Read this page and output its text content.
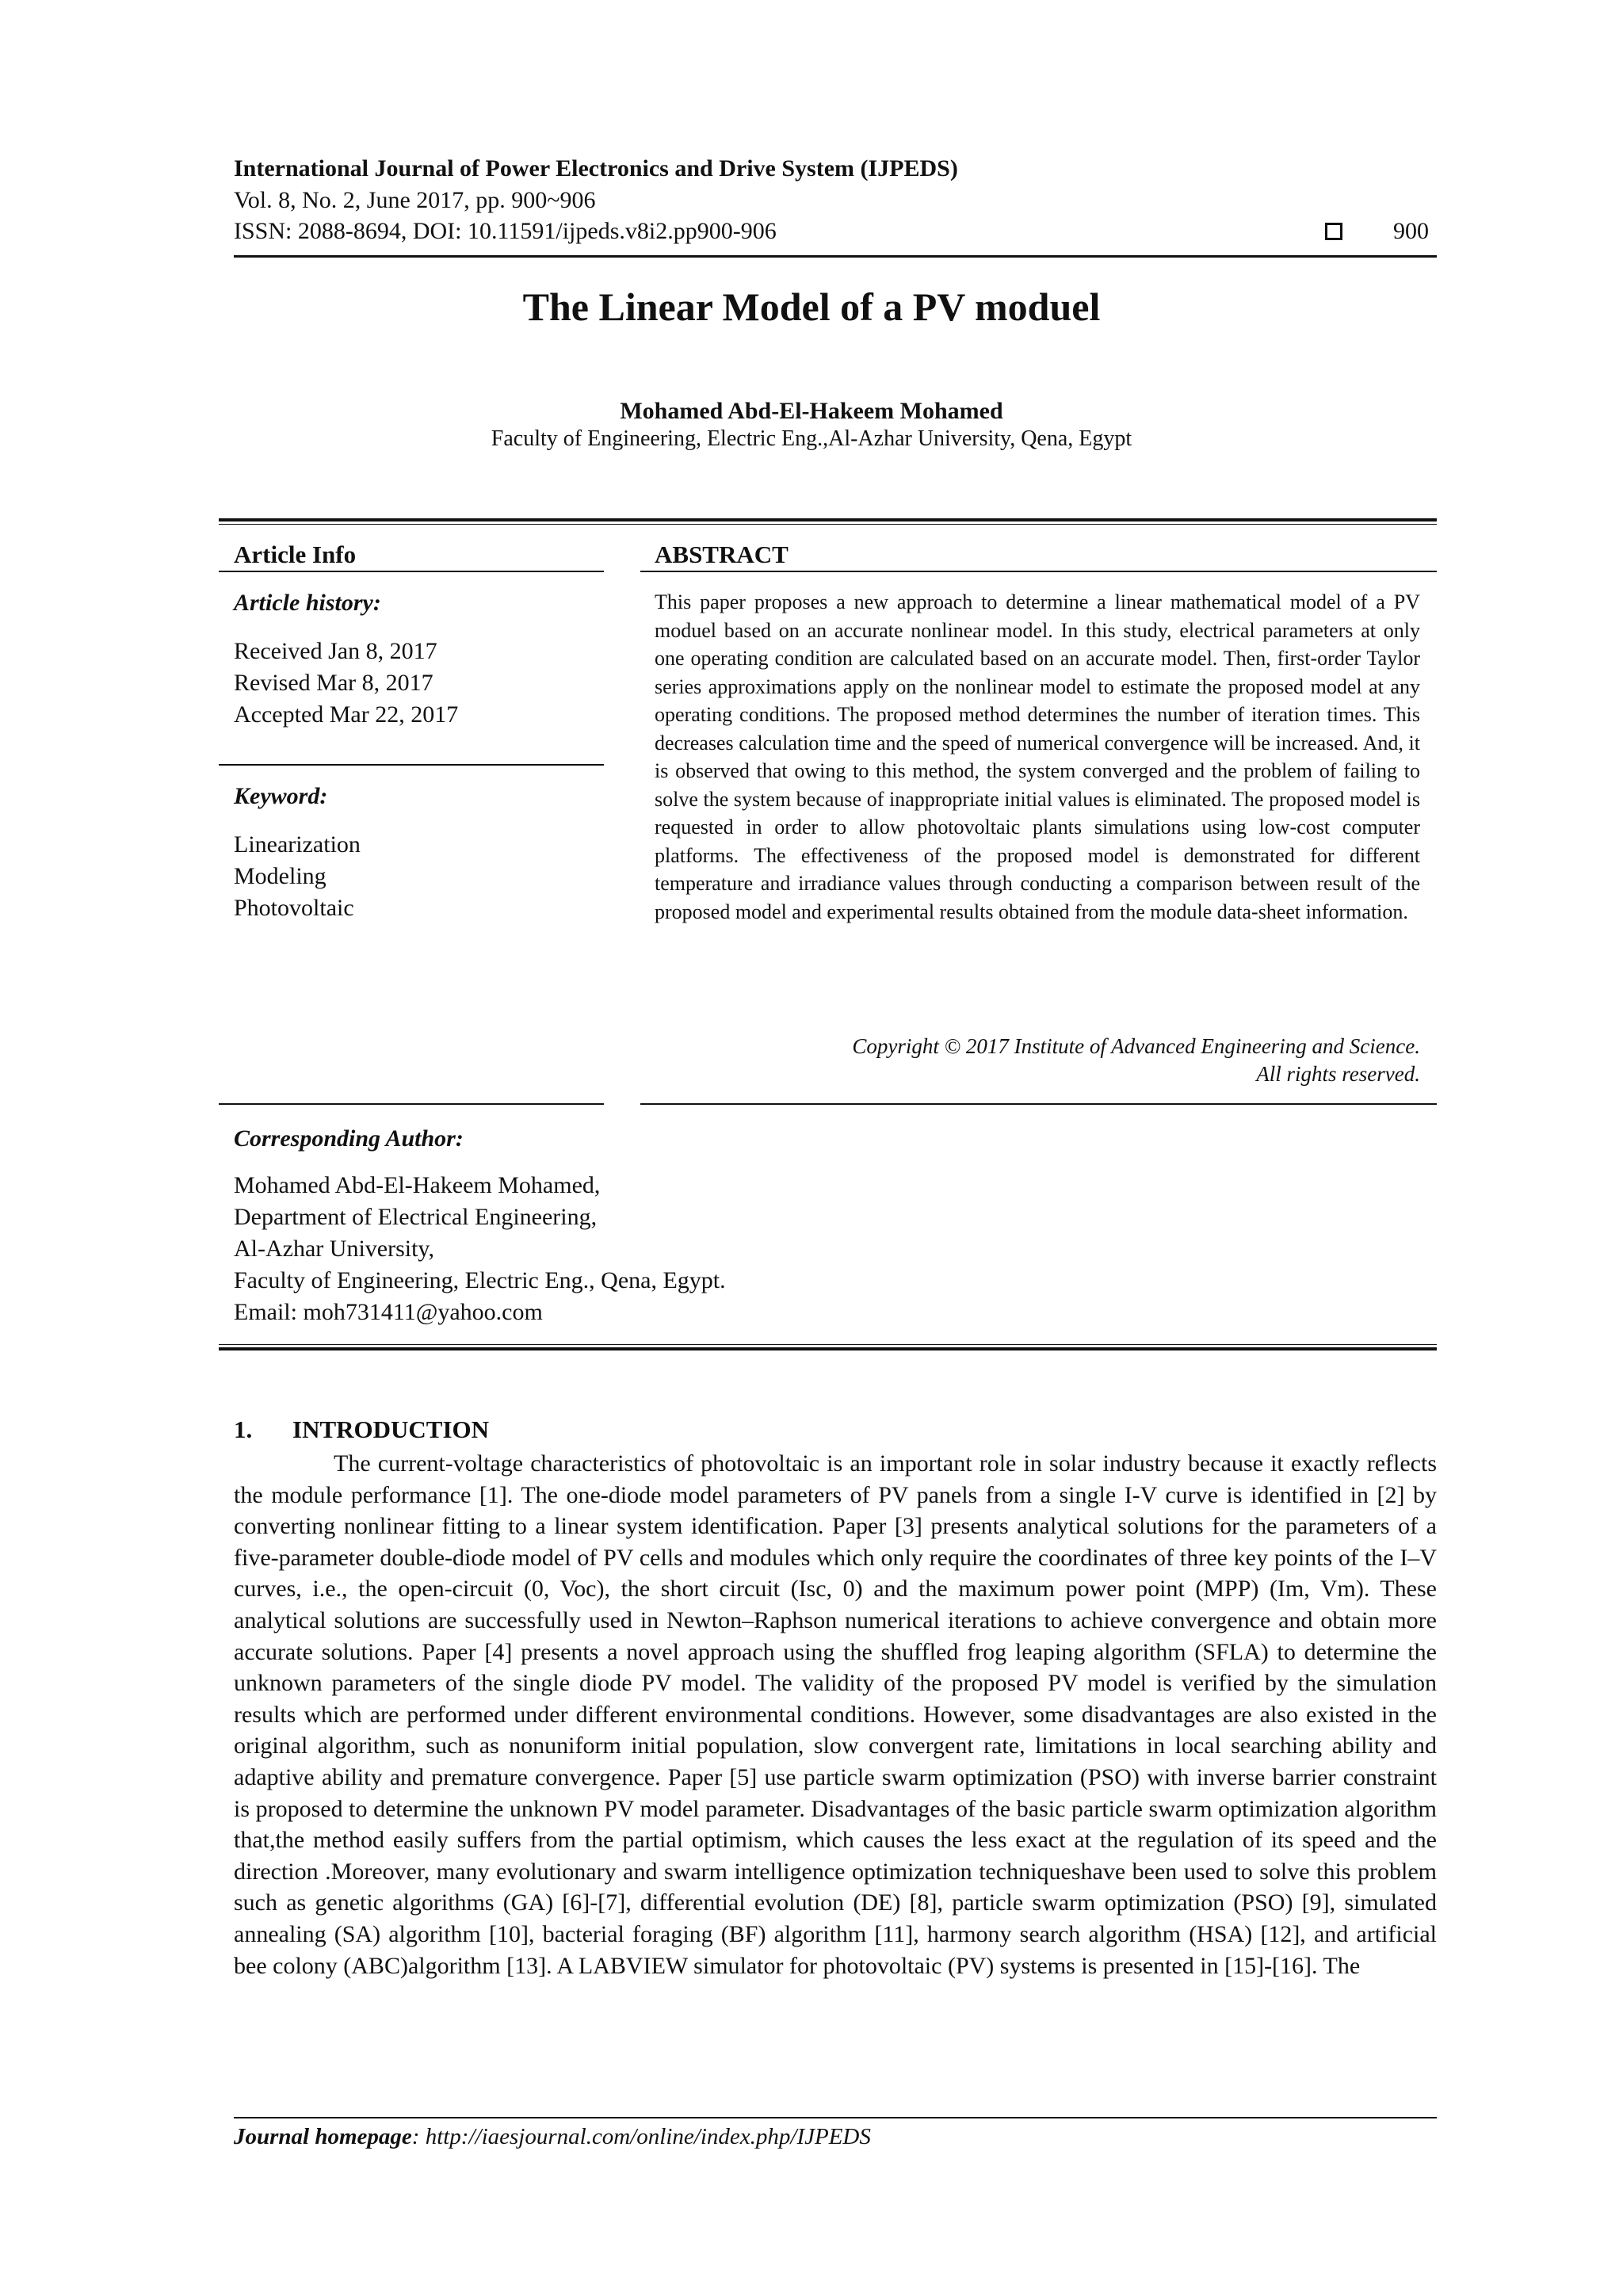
International Journal of Power Electronics and Drive System (IJPEDS)
Vol. 8, No. 2, June 2017, pp. 900~906
ISSN: 2088-8694, DOI: 10.11591/ijpeds.v8i2.pp900-906	900
The Linear Model of a PV moduel
Mohamed Abd-El-Hakeem Mohamed
Faculty of Engineering, Electric Eng.,Al-Azhar University, Qena, Egypt
Article Info
Article history:
Received Jan 8, 2017
Revised Mar 8, 2017
Accepted Mar 22, 2017
Keyword:
Linearization
Modeling
Photovoltaic
ABSTRACT
This paper proposes a new approach to determine a linear mathematical model of a PV moduel based on an accurate nonlinear model. In this study, electrical parameters at only one operating condition are calculated based on an accurate model. Then, first-order Taylor series approximations apply on the nonlinear model to estimate the proposed model at any operating conditions. The proposed method determines the number of iteration times. This decreases calculation time and the speed of numerical convergence will be increased. And, it is observed that owing to this method, the system converged and the problem of failing to solve the system because of inappropriate initial values is eliminated. The proposed model is requested in order to allow photovoltaic plants simulations using low-cost computer platforms. The effectiveness of the proposed model is demonstrated for different temperature and irradiance values through conducting a comparison between result of the proposed model and experimental results obtained from the module data-sheet information.
Copyright © 2017 Institute of Advanced Engineering and Science.
All rights reserved.
Corresponding Author:
Mohamed Abd-El-Hakeem Mohamed,
Department of Electrical Engineering,
Al-Azhar University,
Faculty of Engineering, Electric Eng., Qena, Egypt.
Email: moh731411@yahoo.com
1. INTRODUCTION
The current-voltage characteristics of photovoltaic is an important role in solar industry because it exactly reflects the module performance [1]. The one-diode model parameters of PV panels from a single I-V curve is identified in [2] by converting nonlinear fitting to a linear system identification. Paper [3] presents analytical solutions for the parameters of a five-parameter double-diode model of PV cells and modules which only require the coordinates of three key points of the I–V curves, i.e., the open-circuit (0, Voc), the short circuit (Isc, 0) and the maximum power point (MPP) (Im, Vm). These analytical solutions are successfully used in Newton–Raphson numerical iterations to achieve convergence and obtain more accurate solutions. Paper [4] presents a novel approach using the shuffled frog leaping algorithm (SFLA) to determine the unknown parameters of the single diode PV model. The validity of the proposed PV model is verified by the simulation results which are performed under different environmental conditions. However, some disadvantages are also existed in the original algorithm, such as nonuniform initial population, slow convergent rate, limitations in local searching ability and adaptive ability and premature convergence. Paper [5] use particle swarm optimization (PSO) with inverse barrier constraint is proposed to determine the unknown PV model parameter. Disadvantages of the basic particle swarm optimization algorithm that,the method easily suffers from the partial optimism, which causes the less exact at the regulation of its speed and the direction .Moreover, many evolutionary and swarm intelligence optimization techniqueshave been used to solve this problem such as genetic algorithms (GA) [6]-[7], differential evolution (DE) [8], particle swarm optimization (PSO) [9], simulated annealing (SA) algorithm [10], bacterial foraging (BF) algorithm [11], harmony search algorithm (HSA) [12], and artificial bee colony (ABC)algorithm [13]. A LABVIEW simulator for photovoltaic (PV) systems is presented in [15]-[16]. The
Journal homepage: http://iaesjournal.com/online/index.php/IJPEDS
